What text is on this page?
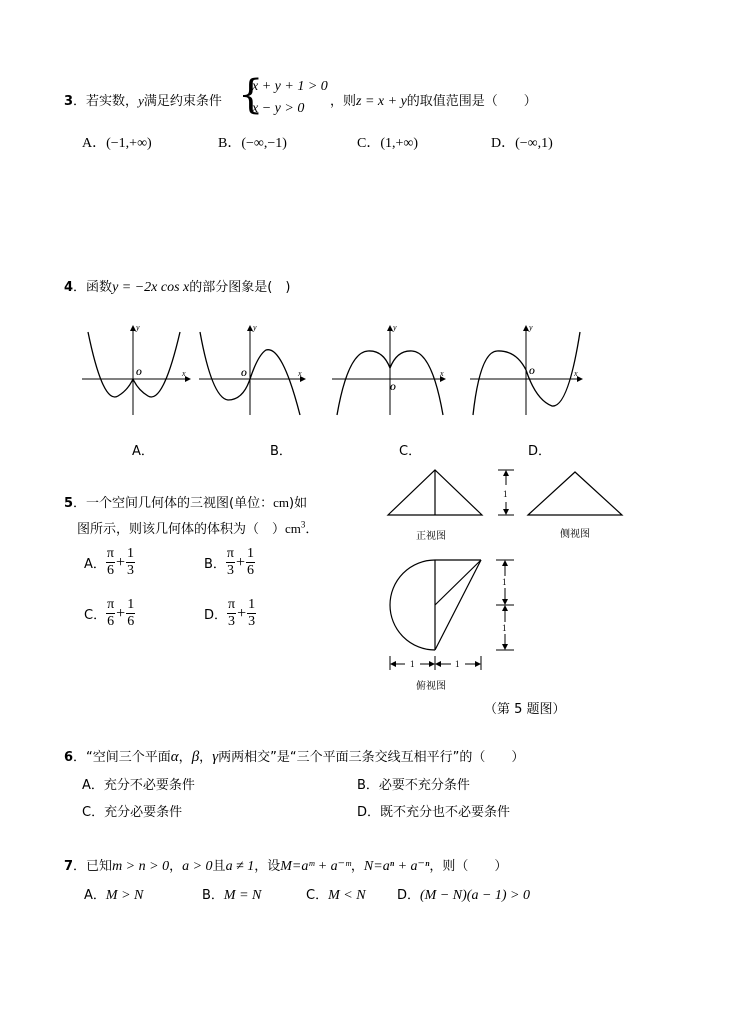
3．若实数，y满足约束条件 {
x + y + 1 > 0
x − y > 0 ，则z = x + y的取值范围是（　　）
A．(−1,+∞)	B．(−∞,−1)	C．(1,+∞)	D．(−∞,1)
4．函数y = −2x cos x的部分图象是(　)
y
x
O
y
x
O
y
x
O
y
x
O
A．	B．	C．	D．
5．一个空间几何体的三视图(单位：cm)如
图所示，则该几何体的体积为（　）$cm^3$．
A． $\frac{\pi}{6} + \frac{1}{3}$	B． $\frac{\pi}{3} + \frac{1}{6}$
C． $\frac{\pi}{6} + \frac{1}{6}$	D． $\frac{\pi}{3} + \frac{1}{3}$
正视图
1
侧视图
俯视图
1
1
1	1
（第 5 题图）
6．“空间三个平面α，β，γ两两相交”是“三个平面三条交线互相平行”的（　　）
A．充分不必要条件	B．必要不充分条件
C．充分必要条件	D．既不充分也不必要条件
7．已知m > n > 0，a > 0且a ≠ 1，设M=aᵐ + a⁻ᵐ，N=aⁿ + a⁻ⁿ，则（　　）
A．M > N	B．M = N	C．M < N D．(M − N)(a − 1) > 0
